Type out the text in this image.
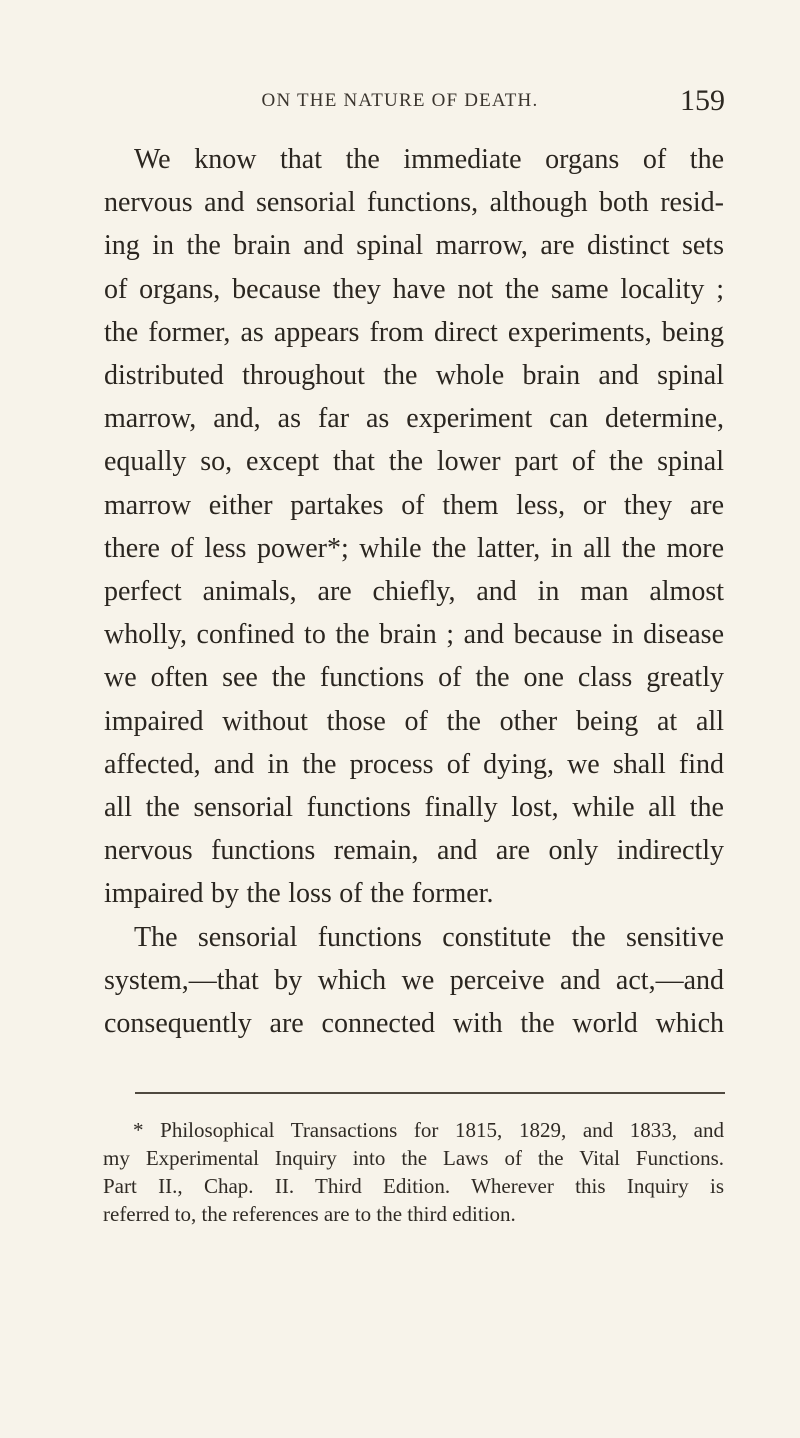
ON THE NATURE OF DEATH.	159
We know that the immediate organs of the
nervous and sensorial functions, although both resid-
ing in the brain and spinal marrow, are distinct sets
of organs, because they have not the same locality ;
the former, as appears from direct experiments, being
distributed throughout the whole brain and spinal
marrow, and, as far as experiment can determine,
equally so, except that the lower part of the spinal
marrow either partakes of them less, or they are
there of less power*; while the latter, in all the more
perfect animals, are chiefly, and in man almost
wholly, confined to the brain ; and because in disease
we often see the functions of the one class greatly
impaired without those of the other being at all
affected, and in the process of dying, we shall find
all the sensorial functions finally lost, while all the
nervous functions remain, and are only indirectly
impaired by the loss of the former.
The sensorial functions constitute the sensitive
system,—that by which we perceive and act,—and
consequently are connected with the world which
* Philosophical Transactions for 1815, 1829, and 1833, and
my Experimental Inquiry into the Laws of the Vital Functions.
Part II., Chap. II. Third Edition. Wherever this Inquiry is
referred to, the references are to the third edition.
